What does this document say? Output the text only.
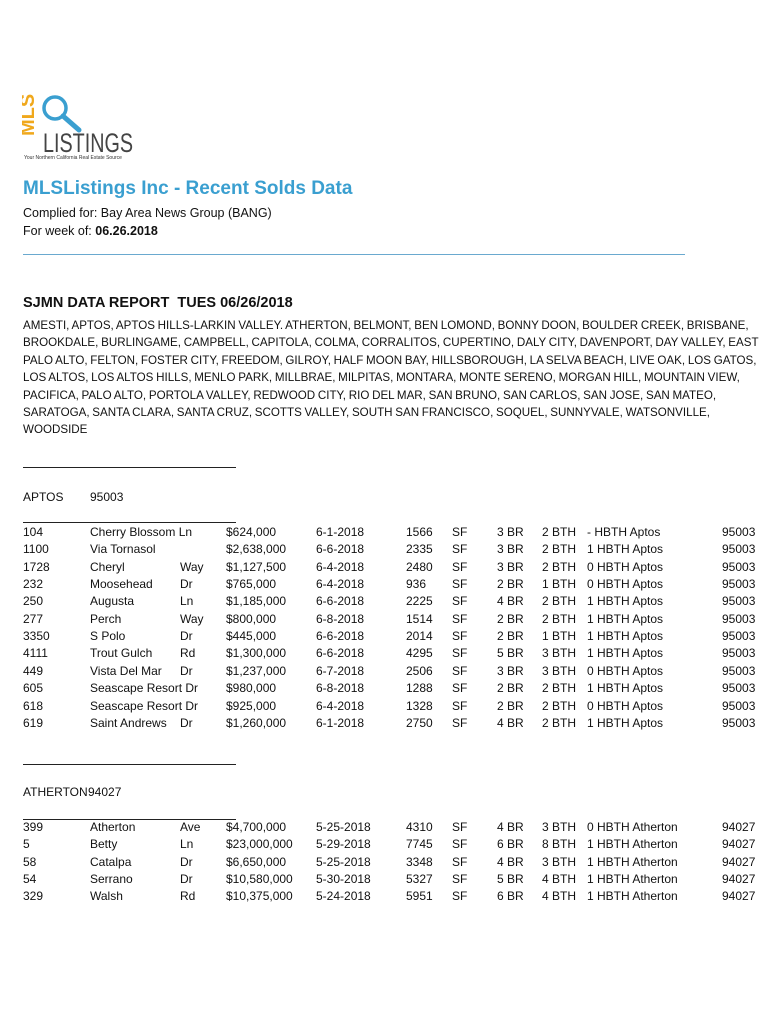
MLS
LISTINGS
Your Northern California Real Estate Source
MLSListings Inc - Recent Solds Data
Complied for: Bay Area News Group (BANG)
For week of: 06.26.2018
SJMN DATA REPORT  TUES 06/26/2018
AMESTI, APTOS, APTOS HILLS-LARKIN VALLEY. ATHERTON, BELMONT, BEN LOMOND, BONNY DOON, BOULDER CREEK, BRISBANE, BROOKDALE, BURLINGAME, CAMPBELL, CAPITOLA, COLMA, CORRALITOS, CUPERTINO, DALY CITY, DAVENPORT, DAY VALLEY, EAST PALO ALTO, FELTON, FOSTER CITY, FREEDOM, GILROY, HALF MOON BAY, HILLSBOROUGH, LA SELVA BEACH, LIVE OAK, LOS GATOS, LOS ALTOS, LOS ALTOS HILLS, MENLO PARK, MILLBRAE, MILPITAS, MONTARA, MONTE SERENO, MORGAN HILL, MOUNTAIN VIEW, PACIFICA, PALO ALTO, PORTOLA VALLEY, REDWOOD CITY, RIO DEL MAR, SAN BRUNO, SAN CARLOS, SAN JOSE, SAN MATEO, SARATOGA, SANTA CLARA, SANTA CRUZ, SCOTTS VALLEY, SOUTH SAN FRANCISCO, SOQUEL, SUNNYVALE, WATSONVILLE, WOODSIDE
APTOS 95003
104	Cherry Blossom Ln	$624,000	6-1-2018	1566 SF 3 BR 2 BTH - HBTH Aptos	95003
1100	Via Tornasol	$2,638,000 6-6-2018	2335 SF 3 BR 2 BTH 1 HBTH Aptos	95003
1728	Cheryl	Way $1,127,500 6-4-2018	2480 SF 3 BR 2 BTH 0 HBTH Aptos	95003
232	Moosehead Dr	$765,000	6-4-2018	936 SF 2 BR 1 BTH 0 HBTH Aptos	95003
250	Augusta	Ln	$1,185,000 6-6-2018	2225 SF 4 BR 2 BTH 1 HBTH Aptos	95003
277	Perch	Way $800,000	6-8-2018	1514 SF 2 BR 2 BTH 1 HBTH Aptos	95003
3350	S Polo	Dr	$445,000	6-6-2018	2014 SF 2 BR 1 BTH 1 HBTH Aptos	95003
4111	Trout Gulch Rd	$1,300,000 6-6-2018	4295 SF 5 BR 3 BTH 1 HBTH Aptos	95003
449	Vista Del Mar Dr	$1,237,000 6-7-2018	2506 SF 3 BR 3 BTH 0 HBTH Aptos	95003
605	Seascape Resort Dr $980,000	6-8-2018	1288 SF 2 BR 2 BTH 1 HBTH Aptos	95003
618	Seascape Resort Dr $925,000	6-4-2018	1328 SF 2 BR 2 BTH 0 HBTH Aptos	95003
619	Saint Andrews Dr	$1,260,000 6-1-2018	2750 SF 4 BR 2 BTH 1 HBTH Aptos	95003
ATHERTON 94027
399	Atherton	Ave $4,700,000 5-25-2018	4310 SF 4 BR 3 BTH 0 HBTH Atherton	94027
5	Betty	Ln	$23,000,000 5-29-2018	7745 SF 6 BR 8 BTH 1 HBTH Atherton	94027
58	Catalpa	Dr	$6,650,000 5-25-2018	3348 SF 4 BR 3 BTH 1 HBTH Atherton	94027
54	Serrano	Dr	$10,580,000 5-30-2018	5327 SF 5 BR 4 BTH 1 HBTH Atherton	94027
329	Walsh	Rd	$10,375,000 5-24-2018	5951 SF 6 BR 4 BTH 1 HBTH Atherton	94027
